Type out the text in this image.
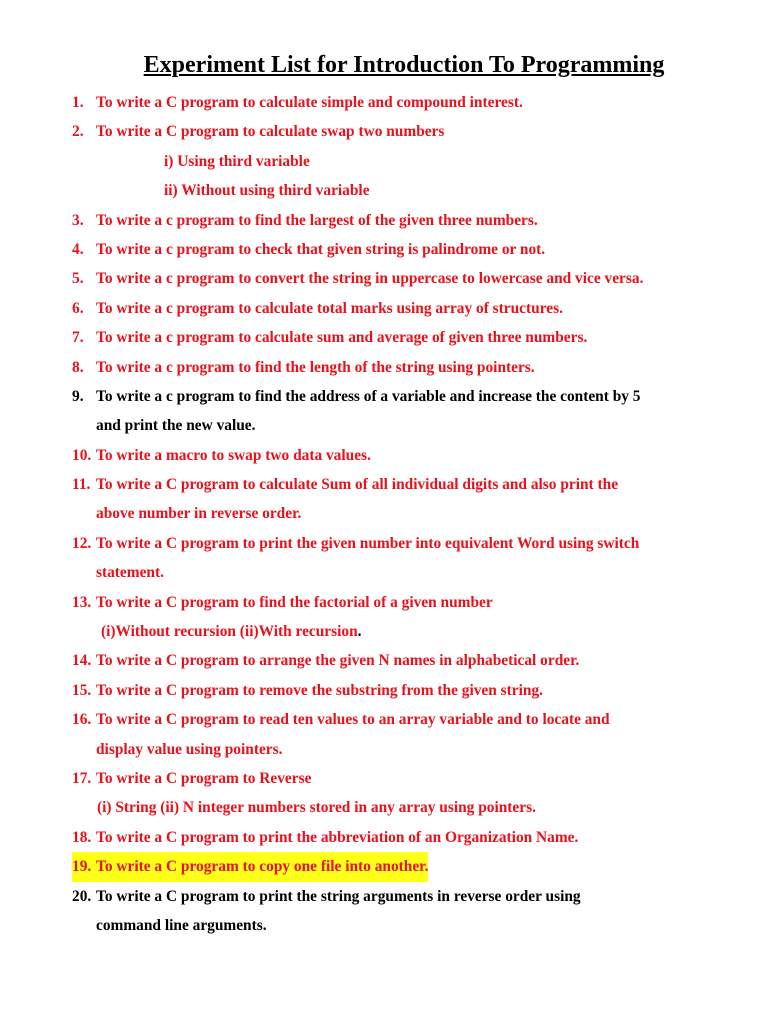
Experiment List for Introduction To Programming
1. To write a C program to calculate simple and compound interest.
2. To write a C program to calculate swap two numbers
i) Using third variable
ii) Without using third variable
3. To write a c program to find the largest of the given three numbers.
4. To write a c program to check that given string is palindrome or not.
5. To write a c program to convert the string in uppercase to lowercase and vice versa.
6. To write a c program to calculate total marks using array of structures.
7. To write a c program to calculate sum and average of given three numbers.
8. To write a c program to find the length of the string using pointers.
9. To write a c program to find the address of a variable and increase the content by 5
and print the new value.
10. To write a macro to swap two data values.
11. To write a C program to calculate Sum of all individual digits and also print the
above number in reverse order.
12. To write a C program to print the given number into equivalent Word using switch
statement.
13. To write a C program to find the factorial of a given number
(i)Without recursion (ii)With recursion.
14. To write a C program to arrange the given N names in alphabetical order.
15. To write a C program to remove the substring from the given string.
16. To write a C program to read ten values to an array variable and to locate and
display value using pointers.
17. To write a C program to Reverse
(i) String (ii) N integer numbers stored in any array using pointers.
18. To write a C program to print the abbreviation of an Organization Name.
19. To write a C program to copy one file into another.
20. To write a C program to print the string arguments in reverse order using
command line arguments.
